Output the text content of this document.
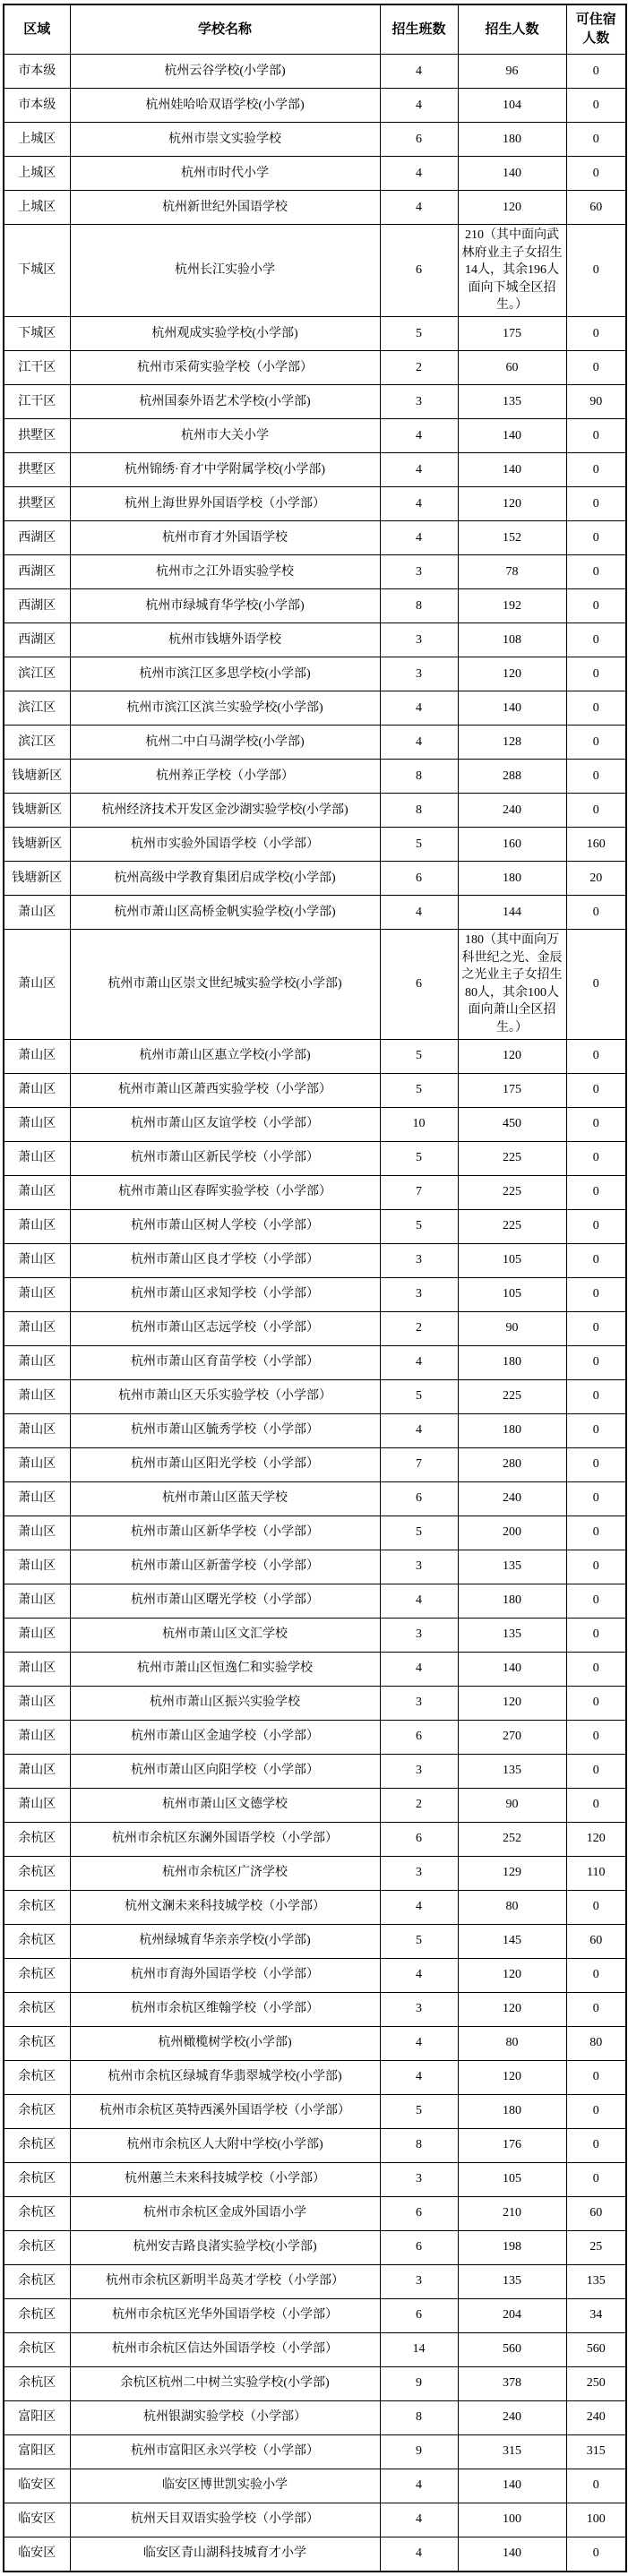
区域	学校名称	招生班数	招生人数	可住宿人数
市本级	杭州云谷学校(小学部)	4	96	0
市本级	杭州娃哈哈双语学校(小学部)	4	104	0
上城区	杭州市崇文实验学校	6	180	0
上城区	杭州市时代小学	4	140	0
上城区	杭州新世纪外国语学校	4	120	60
下城区	杭州长江实验小学	6	210（其中面向武林府业主子女招生14人，其余196人面向下城全区招生。）	0
下城区	杭州观成实验学校(小学部)	5	175	0
江干区	杭州市采荷实验学校（小学部）	2	60	0
江干区	杭州国泰外语艺术学校(小学部)	3	135	90
拱墅区	杭州市大关小学	4	140	0
拱墅区	杭州锦绣·育才中学附属学校(小学部)	4	140	0
拱墅区	杭州上海世界外国语学校（小学部）	4	120	0
西湖区	杭州市育才外国语学校	4	152	0
西湖区	杭州市之江外语实验学校	3	78	0
西湖区	杭州市绿城育华学校(小学部)	8	192	0
西湖区	杭州市钱塘外语学校	3	108	0
滨江区	杭州市滨江区多思学校(小学部)	3	120	0
滨江区	杭州市滨江区滨兰实验学校(小学部)	4	140	0
滨江区	杭州二中白马湖学校(小学部)	4	128	0
钱塘新区	杭州养正学校（小学部）	8	288	0
钱塘新区	杭州经济技术开发区金沙湖实验学校(小学部)	8	240	0
钱塘新区	杭州市实验外国语学校（小学部）	5	160	160
钱塘新区	杭州高级中学教育集团启成学校(小学部)	6	180	20
萧山区	杭州市萧山区高桥金帆实验学校(小学部)	4	144	0
萧山区	杭州市萧山区崇文世纪城实验学校(小学部)	6	180（其中面向万科世纪之光、金辰之光业主子女招生80人，其余100人面向萧山全区招生。）	0
萧山区	杭州市萧山区惠立学校(小学部)	5	120	0
萧山区	杭州市萧山区萧西实验学校（小学部）	5	175	0
萧山区	杭州市萧山区友谊学校（小学部）	10	450	0
萧山区	杭州市萧山区新民学校（小学部）	5	225	0
萧山区	杭州市萧山区春晖实验学校（小学部）	7	225	0
萧山区	杭州市萧山区树人学校（小学部）	5	225	0
萧山区	杭州市萧山区良才学校（小学部）	3	105	0
萧山区	杭州市萧山区求知学校（小学部）	3	105	0
萧山区	杭州市萧山区志远学校（小学部）	2	90	0
萧山区	杭州市萧山区育苗学校（小学部）	4	180	0
萧山区	杭州市萧山区天乐实验学校（小学部）	5	225	0
萧山区	杭州市萧山区毓秀学校（小学部）	4	180	0
萧山区	杭州市萧山区阳光学校（小学部）	7	280	0
萧山区	杭州市萧山区蓝天学校	6	240	0
萧山区	杭州市萧山区新华学校（小学部）	5	200	0
萧山区	杭州市萧山区新蕾学校（小学部）	3	135	0
萧山区	杭州市萧山区曙光学校（小学部）	4	180	0
萧山区	杭州市萧山区文汇学校	3	135	0
萧山区	杭州市萧山区恒逸仁和实验学校	4	140	0
萧山区	杭州市萧山区振兴实验学校	3	120	0
萧山区	杭州市萧山区金迪学校（小学部）	6	270	0
萧山区	杭州市萧山区向阳学校（小学部）	3	135	0
萧山区	杭州市萧山区文德学校	2	90	0
余杭区	杭州市余杭区东澜外国语学校（小学部）	6	252	120
余杭区	杭州市余杭区广济学校	3	129	110
余杭区	杭州文澜未来科技城学校（小学部）	4	80	0
余杭区	杭州绿城育华亲亲学校(小学部)	5	145	60
余杭区	杭州市育海外国语学校（小学部）	4	120	0
余杭区	杭州市余杭区维翰学校（小学部）	3	120	0
余杭区	杭州橄榄树学校(小学部)	4	80	80
余杭区	杭州市余杭区绿城育华翡翠城学校(小学部)	4	120	0
余杭区	杭州市余杭区英特西溪外国语学校（小学部）	5	180	0
余杭区	杭州市余杭区人大附中学校(小学部)	8	176	0
余杭区	杭州蕙兰未来科技城学校（小学部）	3	105	0
余杭区	杭州市余杭区金成外国语小学	6	210	60
余杭区	杭州安吉路良渚实验学校(小学部)	6	198	25
余杭区	杭州市余杭区新明半岛英才学校（小学部）	3	135	135
余杭区	杭州市余杭区光华外国语学校（小学部）	6	204	34
余杭区	杭州市余杭区信达外国语学校（小学部）	14	560	560
余杭区	余杭区杭州二中树兰实验学校(小学部)	9	378	250
富阳区	杭州银湖实验学校（小学部）	8	240	240
富阳区	杭州市富阳区永兴学校（小学部）	9	315	315
临安区	临安区博世凯实验小学	4	140	0
临安区	杭州天目双语实验学校（小学部）	4	100	100
临安区	临安区青山湖科技城育才小学	4	140	0
